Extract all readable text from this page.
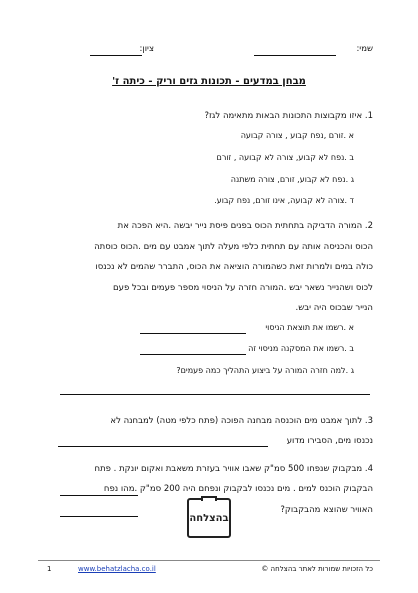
שמי:
ציון:
מבחן במדעים - תכונות גזים וריק - כיתה ז'
1. איזו מקבוצות התכונות הבאות מתאימה לגז?
א .זורם ,נפח קבוע , צורה קבועה
ב .נפח לא קבוע, צורה לא קבועה , זורם
ג .נפח לא קבוע, זורם, צורה משתנה
ד .צורה לא קבועה, אינו זורם, נפח קבוע.
2. המורה הדביקה בתחתית הכוס בפנים פיסת נייר יבשה .היא הפכה את
הכוס והכניסה אותה עם תחתית כלפי מעלה לתוך אמבט עם מים .הכוס כוסתה
כולה במים ולמרות זאת כשהמורה הוציאה את הכוס, התברר שהמים לא נכנסו
לכוס ושהנייר נשאר יבש .המורה חזרה על הניסוי מספר פעמים ובכל פעם
הנייר שבכוס היה יבש.
א .רשמו את תוצאת הניסוי
ב .רשמו את המסקנה מניסוי זה
ג .למה חזרה המורה על ביצוע התהליך כמה פעמים?
3. לתוך אמבט מים הוכנסה מבחנה הפוכה (פתח כלפי מטה) למבחנה לא
נכנסו מים, הסבירו מדוע
4. מבקבוק שנפחו 500 סמ"ק שאבו אוויר בעזרת משאבת ואקום יונקת . פתח
הבקבוק הוכנס למים . מים נכנסו לבקבוק ונפחם היה 200 סמ"ק .מהו נפח
האוויר שהוצא מהבקבוק?
בהצלחה
1	www.behatzlacha.co.il	כל הזכויות שמורות לאתר בהצלחה ©
